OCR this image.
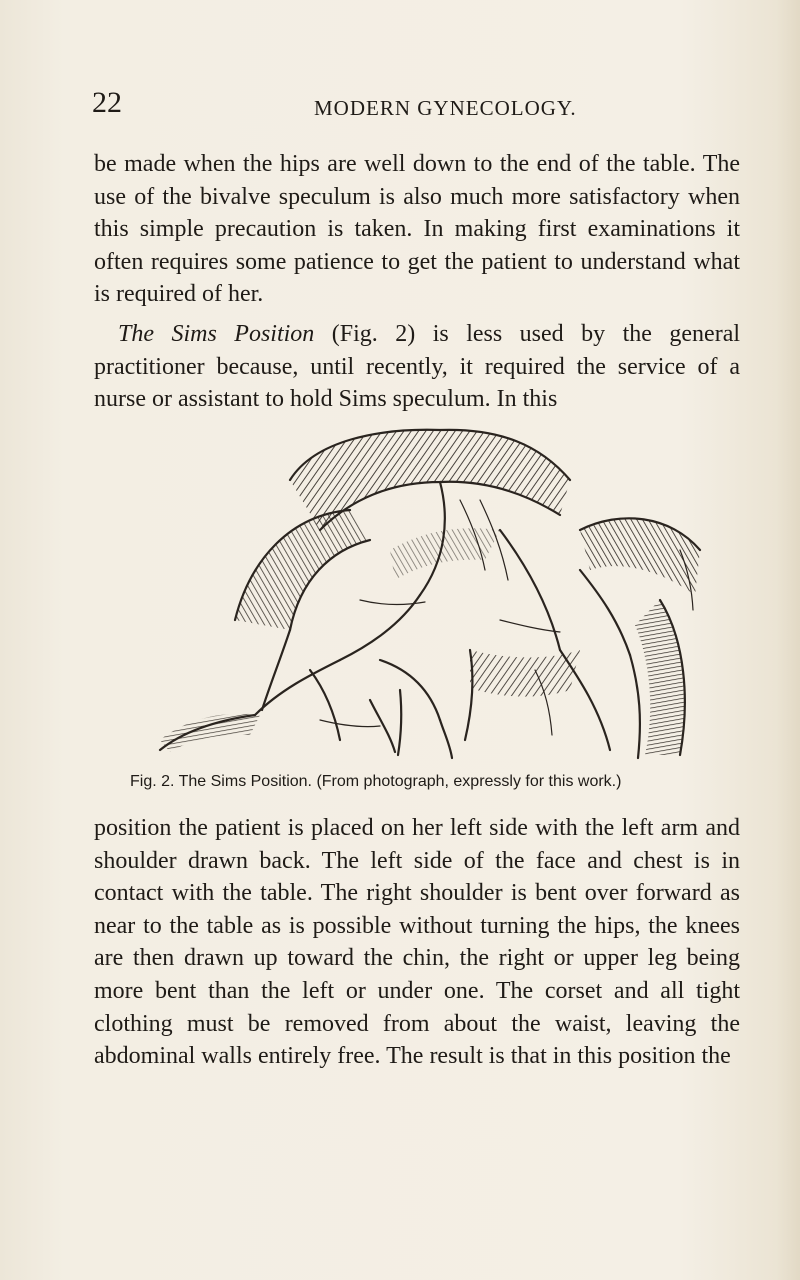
22	MODERN GYNECOLOGY.

be made when the hips are well down to the end of the table. The use of the bivalve speculum is also much more satisfactory when this simple precaution is taken. In making first examinations it often requires some patience to get the patient to understand what is required of her.

The Sims Position (Fig. 2) is less used by the general practitioner because, until recently, it required the service of a nurse or assistant to hold Sims speculum. In this

Fig. 2. The Sims Position. (From photograph, expressly for this work.)

position the patient is placed on her left side with the left arm and shoulder drawn back. The left side of the face and chest is in contact with the table. The right shoulder is bent over forward as near to the table as is possible without turning the hips, the knees are then drawn up toward the chin, the right or upper leg being more bent than the left or under one. The corset and all tight clothing must be removed from about the waist, leaving the abdominal walls entirely free. The result is that in this position the
